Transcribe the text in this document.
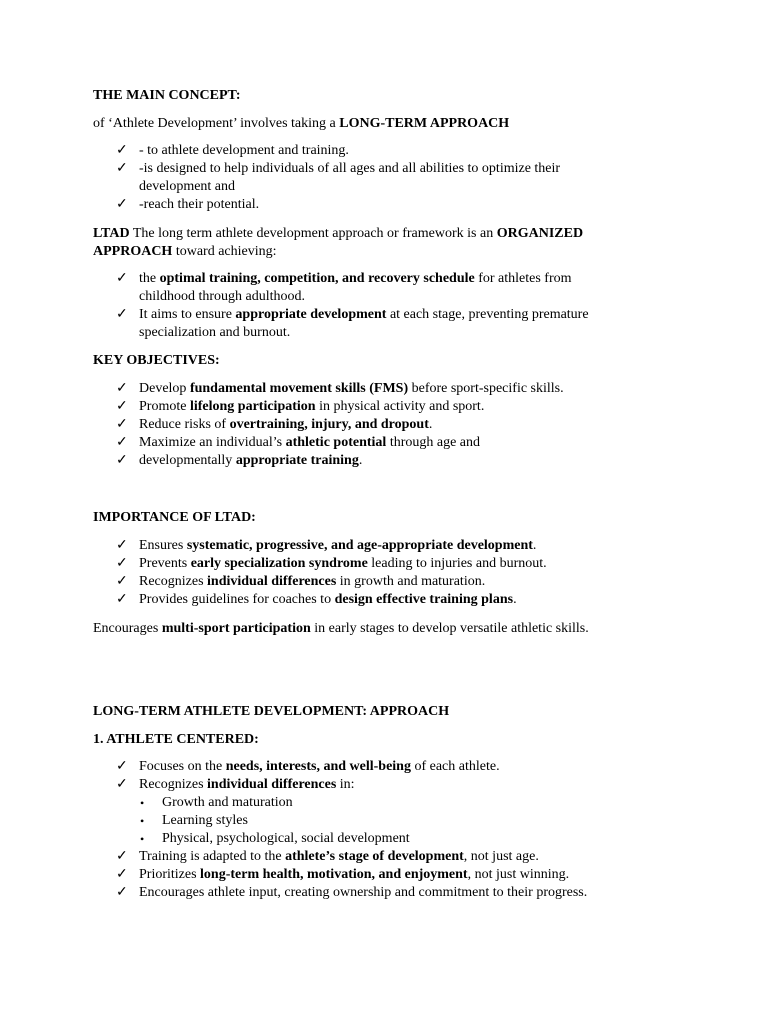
THE MAIN CONCEPT:
of ‘Athlete Development’ involves taking a LONG-TERM APPROACH
✓ - to athlete development and training.
✓ -is designed to help individuals of all ages and all abilities to optimize their
development and
✓ -reach their potential.
LTAD The long term athlete development approach or framework is an ORGANIZED
APPROACH toward achieving:
✓ the optimal training, competition, and recovery schedule for athletes from
childhood through adulthood.
✓ It aims to ensure appropriate development at each stage, preventing premature
specialization and burnout.
KEY OBJECTIVES:
✓ Develop fundamental movement skills (FMS) before sport-specific skills.
✓ Promote lifelong participation in physical activity and sport.
✓ Reduce risks of overtraining, injury, and dropout.
✓ Maximize an individual’s athletic potential through age and
✓ developmentally appropriate training.
IMPORTANCE OF LTAD:
✓ Ensures systematic, progressive, and age-appropriate development.
✓ Prevents early specialization syndrome leading to injuries and burnout.
✓ Recognizes individual differences in growth and maturation.
✓ Provides guidelines for coaches to design effective training plans.
Encourages multi-sport participation in early stages to develop versatile athletic skills.
LONG-TERM ATHLETE DEVELOPMENT: APPROACH
1. ATHLETE CENTERED:
✓ Focuses on the needs, interests, and well-being of each athlete.
✓ Recognizes individual differences in:
• Growth and maturation
• Learning styles
• Physical, psychological, social development
✓ Training is adapted to the athlete’s stage of development, not just age.
✓ Prioritizes long-term health, motivation, and enjoyment, not just winning.
✓ Encourages athlete input, creating ownership and commitment to their progress.
